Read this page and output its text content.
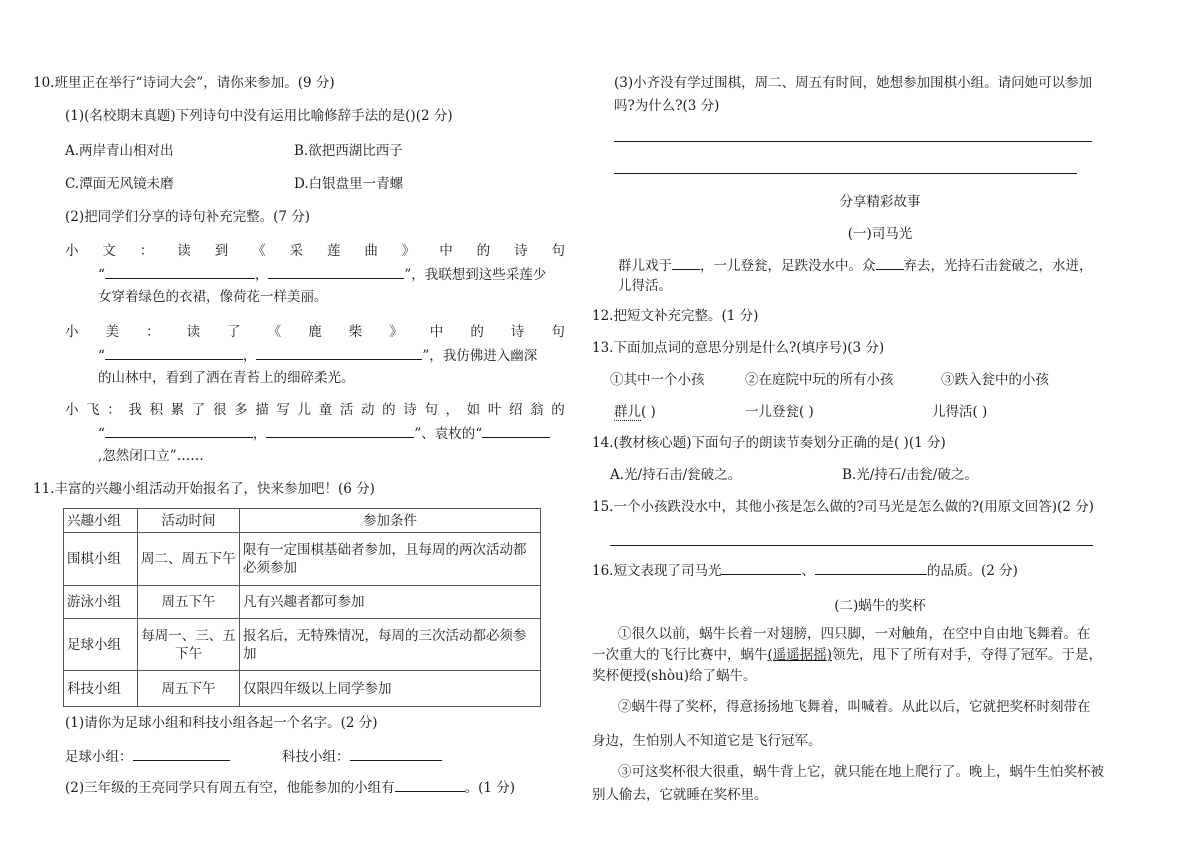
10.班里正在举行“诗词大会”，请你来参加。(9 分)
(1)(名校期末真题)下列诗句中没有运用比喻修辞手法的是()(2 分)
A.两岸青山相对出	B.欲把西湖比西子
C.潭面无风镜未磨	D.白银盘里一青螺
(2)把同学们分享的诗句补充完整。(7 分)
小 文 ： 读 到 《 采 莲 曲 》 中 的 诗 句
“	，	”，我联想到这些采莲少
女穿着绿色的衣裙，像荷花一样美丽。
小 美 ： 读 了 《 鹿 柴 》 中 的 诗 句
“	，	”，我仿佛进入幽深
的山林中，看到了洒在青苔上的细碎柔光。
小 飞 ： 我 积 累 了 很 多 描 写 儿 童 活 动 的 诗 句 ， 如 叶 绍 翁 的
“	，	”、袁枚的“
,忽然闭口立”……
11.丰富的兴趣小组活动开始报名了，快来参加吧！(6 分)
兴趣小组	活动时间	参加条件
围棋小组	周二、周五下午	限有一定围棋基础者参加，且每周的两次活动都必须参加
游泳小组	周五下午	凡有兴趣者都可参加
足球小组	每周一、三、五下午	报名后，无特殊情况，每周的三次活动都必须参加
科技小组	周五下午	仅限四年级以上同学参加
(1)请你为足球小组和科技小组各起一个名字。(2 分)
足球小组：	科技小组：
(2)三年级的王亮同学只有周五有空，他能参加的小组有	。(1 分)
(3)小齐没有学过围棋，周二、周五有时间，她想参加围棋小组。请问她可以参加
吗?为什么?(3 分)
分享精彩故事
(一)司马光
群儿戏于 ，一儿登瓮，足跌没水中。众 弃去，光持石击瓮破之，水迸，
儿得活。
12.把短文补充完整。(1 分)
13.下面加点词的意思分别是什么?(填序号)(3 分)
①其中一个小孩	②在庭院中玩的所有小孩	③跌入瓮中的小孩
群儿( )	一儿登瓮( )	儿得活( )
14.(教材核心题)下面句子的朗读节奏划分正确的是( )(1 分)
A.光/持石击/瓮破之。	B.光/持石/击瓮/破之。
15.一个小孩跌没水中，其他小孩是怎么做的?司马光是怎么做的?(用原文回答)(2 分)
16.短文表现了司马光	、	的品质。(2 分)
(二)蜗牛的奖杯
①很久以前，蜗牛长着一对翅膀，四只脚，一对触角，在空中自由地飞舞着。在
一次重大的飞行比赛中，蜗牛(遥遥据摇)领先，甩下了所有对手，夺得了冠军。于是，
奖杯便授(shòu)给了蜗牛。
②蜗牛得了奖杯，得意扬扬地飞舞着，叫喊着。从此以后，它就把奖杯时刻带在
身边，生怕别人不知道它是飞行冠军。
③可这奖杯很大很重，蜗牛背上它，就只能在地上爬行了。晚上，蜗牛生怕奖杯被
别人偷去，它就睡在奖杯里。
